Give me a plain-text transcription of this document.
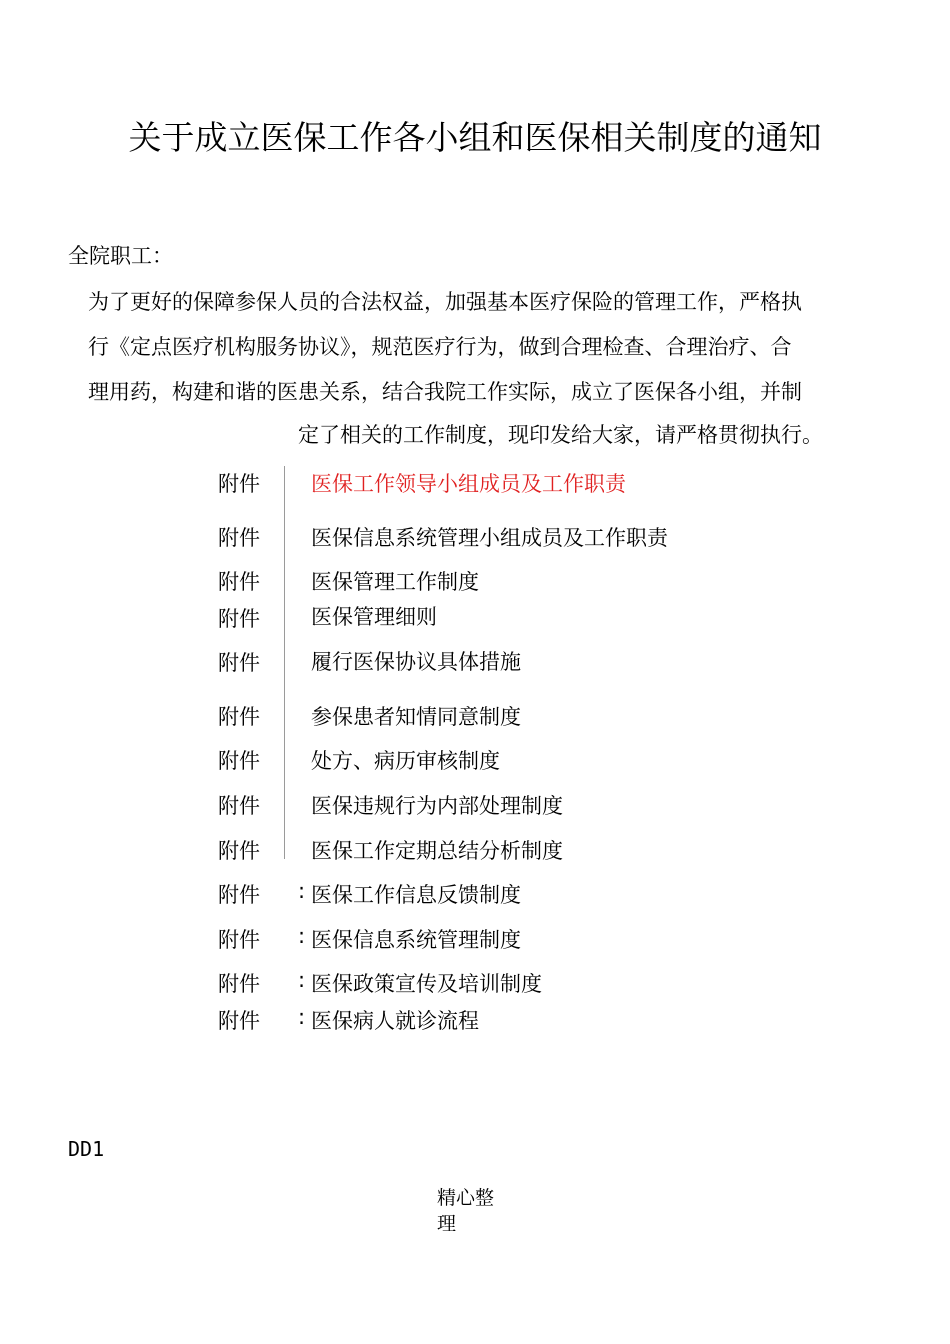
关于成立医保工作各小组和医保相关制度的通知
全院职工：
为了更好的保障参保人员的合法权益，加强基本医疗保险的管理工作，严格执
行《定点医疗机构服务协议》，规范医疗行为，做到合理检查、合理治疗、合
理用药，构建和谐的医患关系，结合我院工作实际，成立了医保各小组，并制
定了相关的工作制度，现印发给大家，请严格贯彻执行。
附件 医保工作领导小组成员及工作职责
附件 医保信息系统管理小组成员及工作职责
附件 医保管理工作制度
附件 医保管理细则
附件 履行医保协议具体措施
附件 参保患者知情同意制度
附件 处方、病历审核制度
附件 医保违规行为内部处理制度
附件 医保工作定期总结分析制度
附件 : 医保工作信息反馈制度
附件 : 医保信息系统管理制度
附件 : 医保政策宣传及培训制度
附件 : 医保病人就诊流程
DD1
精心整理
